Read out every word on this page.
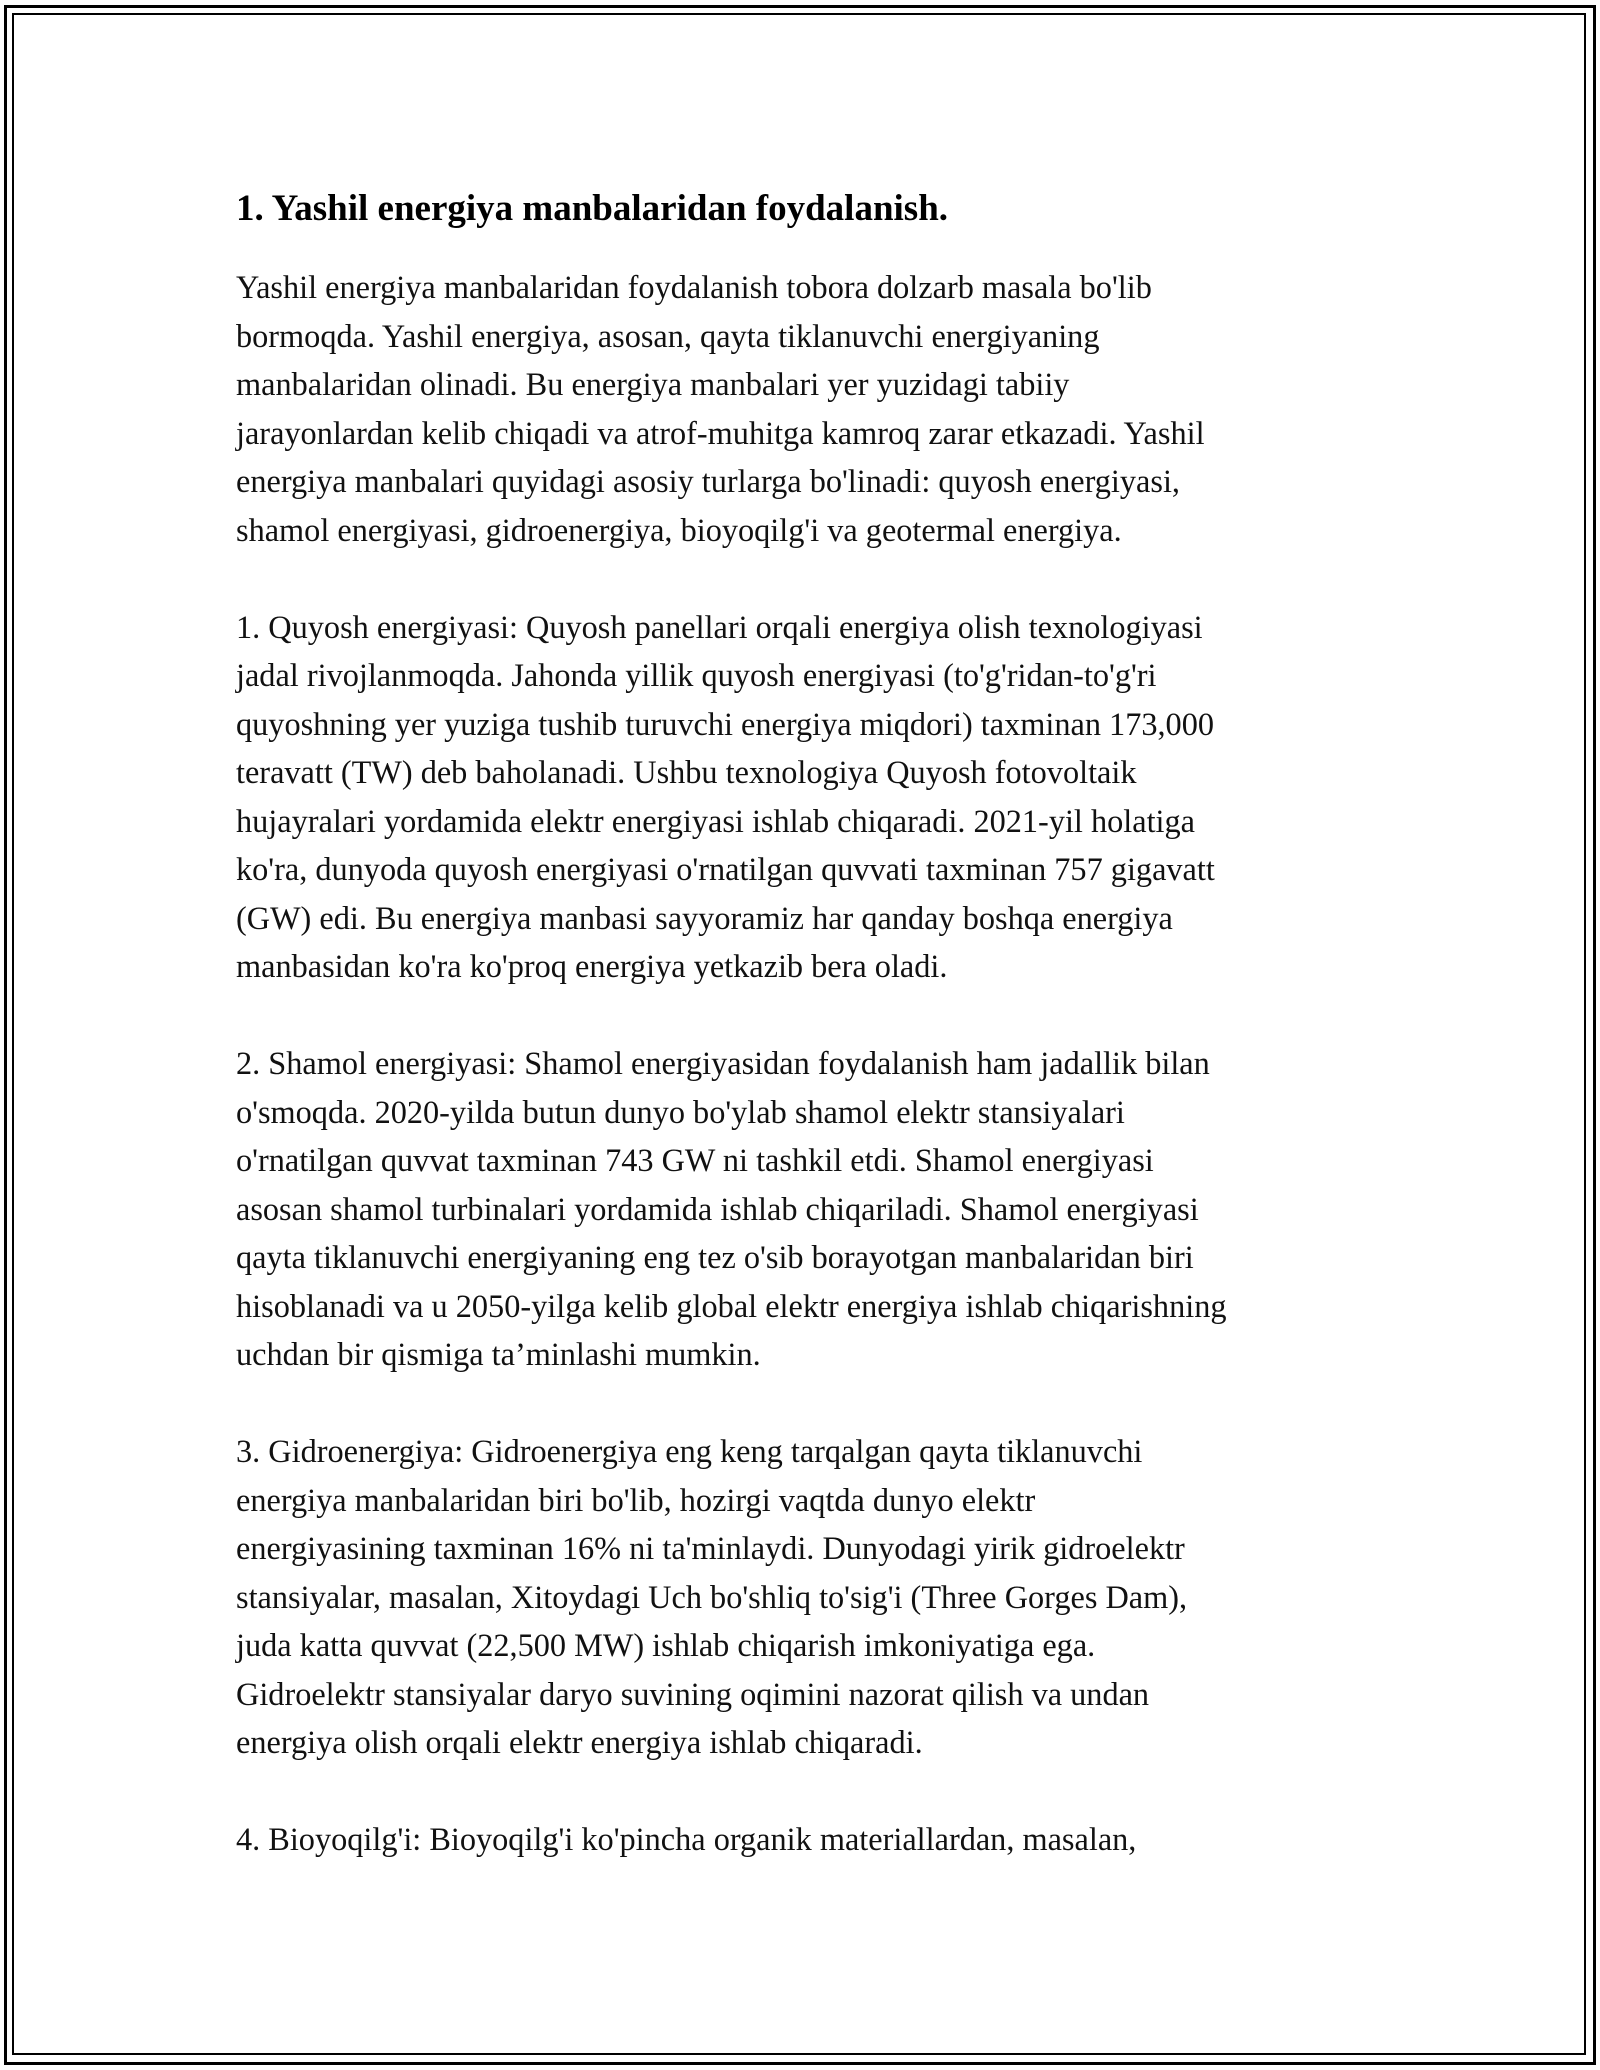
1. Yashil energiya manbalaridan foydalanish.

Yashil energiya manbalaridan foydalanish tobora dolzarb masala bo'lib
bormoqda. Yashil energiya, asosan, qayta tiklanuvchi energiyaning
manbalaridan olinadi. Bu energiya manbalari yer yuzidagi tabiiy
jarayonlardan kelib chiqadi va atrof-muhitga kamroq zarar etkazadi. Yashil
energiya manbalari quyidagi asosiy turlarga bo'linadi: quyosh energiyasi,
shamol energiyasi, gidroenergiya, bioyoqilg'i va geotermal energiya.

1. Quyosh energiyasi: Quyosh panellari orqali energiya olish texnologiyasi
jadal rivojlanmoqda. Jahonda yillik quyosh energiyasi (to'g'ridan-to'g'ri
quyoshning yer yuziga tushib turuvchi energiya miqdori) taxminan 173,000
teravatt (TW) deb baholanadi. Ushbu texnologiya Quyosh fotovoltaik
hujayralari yordamida elektr energiyasi ishlab chiqaradi. 2021-yil holatiga
ko'ra, dunyoda quyosh energiyasi o'rnatilgan quvvati taxminan 757 gigavatt
(GW) edi. Bu energiya manbasi sayyoramiz har qanday boshqa energiya
manbasidan ko'ra ko'proq energiya yetkazib bera oladi.

2. Shamol energiyasi: Shamol energiyasidan foydalanish ham jadallik bilan
o'smoqda. 2020-yilda butun dunyo bo'ylab shamol elektr stansiyalari
o'rnatilgan quvvat taxminan 743 GW ni tashkil etdi. Shamol energiyasi
asosan shamol turbinalari yordamida ishlab chiqariladi. Shamol energiyasi
qayta tiklanuvchi energiyaning eng tez o'sib borayotgan manbalaridan biri
hisoblanadi va u 2050-yilga kelib global elektr energiya ishlab chiqarishning
uchdan bir qismiga ta’minlashi mumkin.

3. Gidroenergiya: Gidroenergiya eng keng tarqalgan qayta tiklanuvchi
energiya manbalaridan biri bo'lib, hozirgi vaqtda dunyo elektr
energiyasining taxminan 16% ni ta'minlaydi. Dunyodagi yirik gidroelektr
stansiyalar, masalan, Xitoydagi Uch bo'shliq to'sig'i (Three Gorges Dam),
juda katta quvvat (22,500 MW) ishlab chiqarish imkoniyatiga ega.
Gidroelektr stansiyalar daryo suvining oqimini nazorat qilish va undan
energiya olish orqali elektr energiya ishlab chiqaradi.

4. Bioyoqilg'i: Bioyoqilg'i ko'pincha organik materiallardan, masalan,
